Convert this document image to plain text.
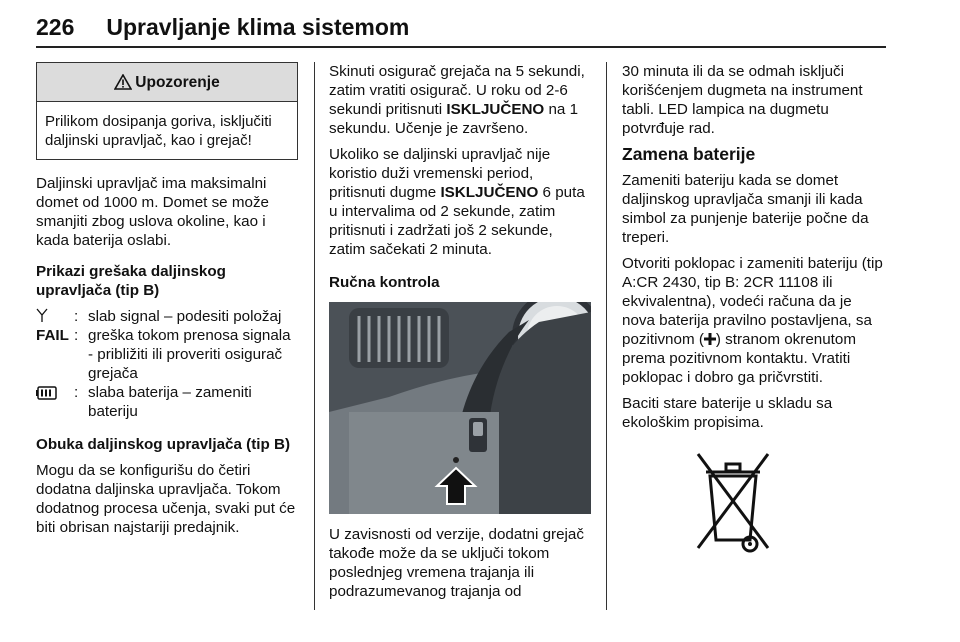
226 Upravljanje klima sistemom
Upozorenje
Prilikom dosipanja goriva, isključiti daljinski upravljač, kao i grejač!

Daljinski upravljač ima maksimalni domet od 1000 m. Domet se može smanjiti zbog uslova okoline, kao i kada baterija oslabi.

Prikazi grešaka daljinskog upravljača (tip B)

: slab signal – podesiti položaj
FAIL : greška tokom prenosa signala - približiti ili proveriti osigurač grejača
: slaba baterija – zameniti bateriju

Obuka daljinskog upravljača (tip B)

Mogu da se konfigurišu do četiri dodatna daljinska upravljača. Tokom dodatnog procesa učenja, svaki put će biti obrisan najstariji predajnik.

Skinuti osigurač grejača na 5 sekundi, zatim vratiti osigurač. U roku od 2-6 sekundi pritisnuti ISKLJUČENO na 1 sekundu. Učenje je završeno.

Ukoliko se daljinski upravljač nije koristio duži vremenski period, pritisnuti dugme ISKLJUČENO 6 puta u intervalima od 2 sekunde, zatim pritisnuti i zadržati još 2 sekunde, zatim sačekati 2 minuta.

Ručna kontrola

U zavisnosti od verzije, dodatni grejač takođe može da se uključi tokom poslednjeg vremena trajanja ili podrazumevanog trajanja od

30 minuta ili da se odmah isključi korišćenjem dugmeta na instrument tabli. LED lampica na dugmetu potvrđuje rad.

Zamena baterije

Zameniti bateriju kada se domet daljinskog upravljača smanji ili kada simbol za punjenje baterije počne da treperi.

Otvoriti poklopac i zameniti bateriju (tip A:CR 2430, tip B: 2CR 11108 ili ekvivalentna), vodeći računa da je nova baterija pravilno postavljena, sa pozitivnom ( ) stranom okrenutom prema pozitivnom kontaktu. Vratiti poklopac i dobro ga pričvrstiti.

Baciti stare baterije u skladu sa ekološkim propisima.
